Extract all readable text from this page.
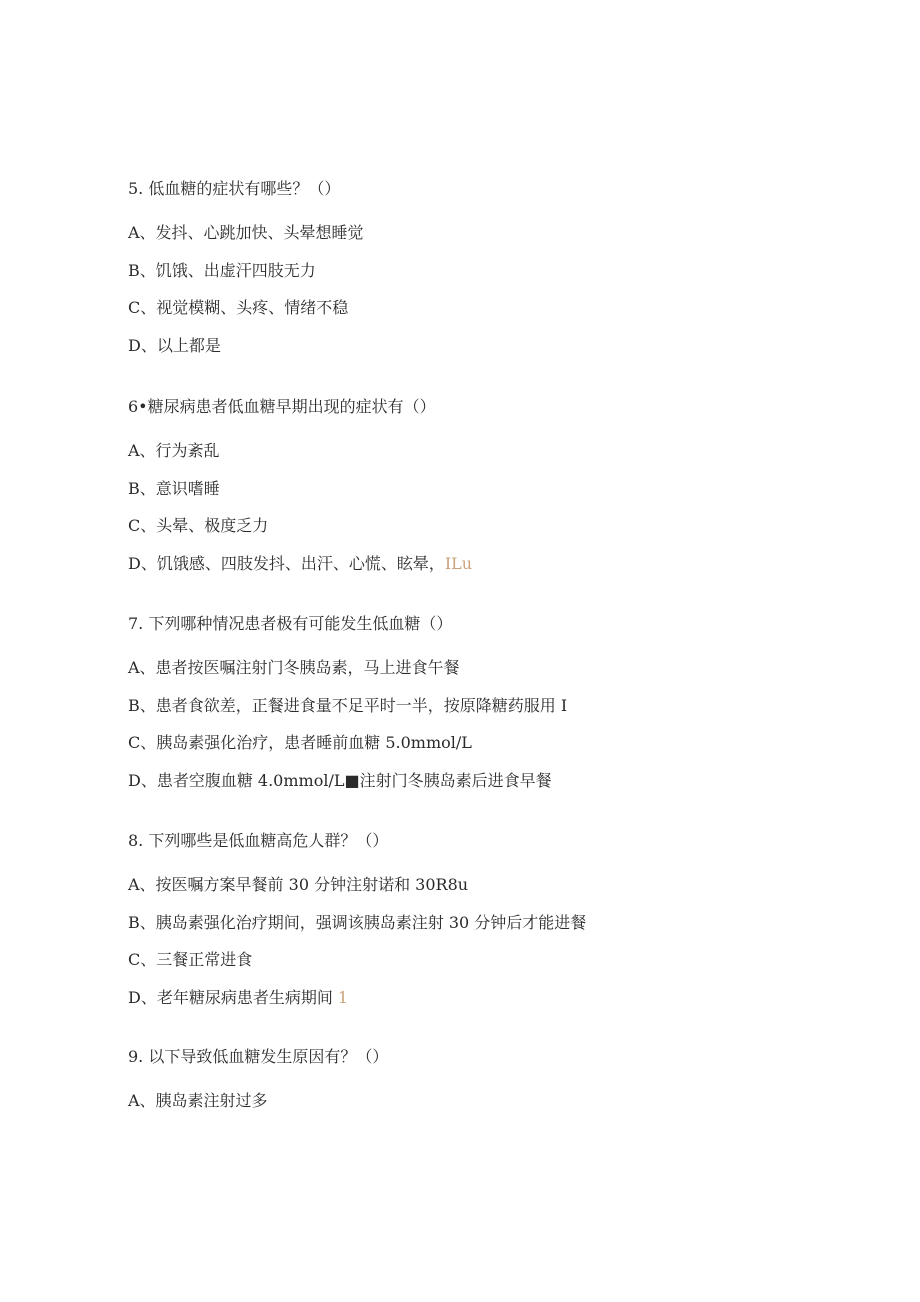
5. 低血糖的症状有哪些？（）
A、发抖、心跳加快、头晕想睡觉
B、饥饿、出虚汗四肢无力
C、视觉模糊、头疼、情绪不稳
D、以上都是
6•糖尿病患者低血糖早期出现的症状有（）
A、行为紊乱
B、意识嗜睡
C、头晕、极度乏力
D、饥饿感、四肢发抖、出汗、心慌、眩晕，ILu
7. 下列哪种情况患者极有可能发生低血糖（）
A、患者按医嘱注射门冬胰岛素，马上进食午餐
B、患者食欲差，正餐进食量不足平时一半，按原降糖药服用 I
C、胰岛素强化治疗，患者睡前血糖 5.0mmol∕L
D、患者空腹血糖 4.0mmol∕L■注射门冬胰岛素后进食早餐
8. 下列哪些是低血糖高危人群？（）
A、按医嘱方案早餐前 30 分钟注射诺和 30R8u
B、胰岛素强化治疗期间，强调该胰岛素注射 30 分钟后才能进餐
C、三餐正常进食
D、老年糖尿病患者生病期间 1
9. 以下导致低血糖发生原因有？（）
A、胰岛素注射过多
